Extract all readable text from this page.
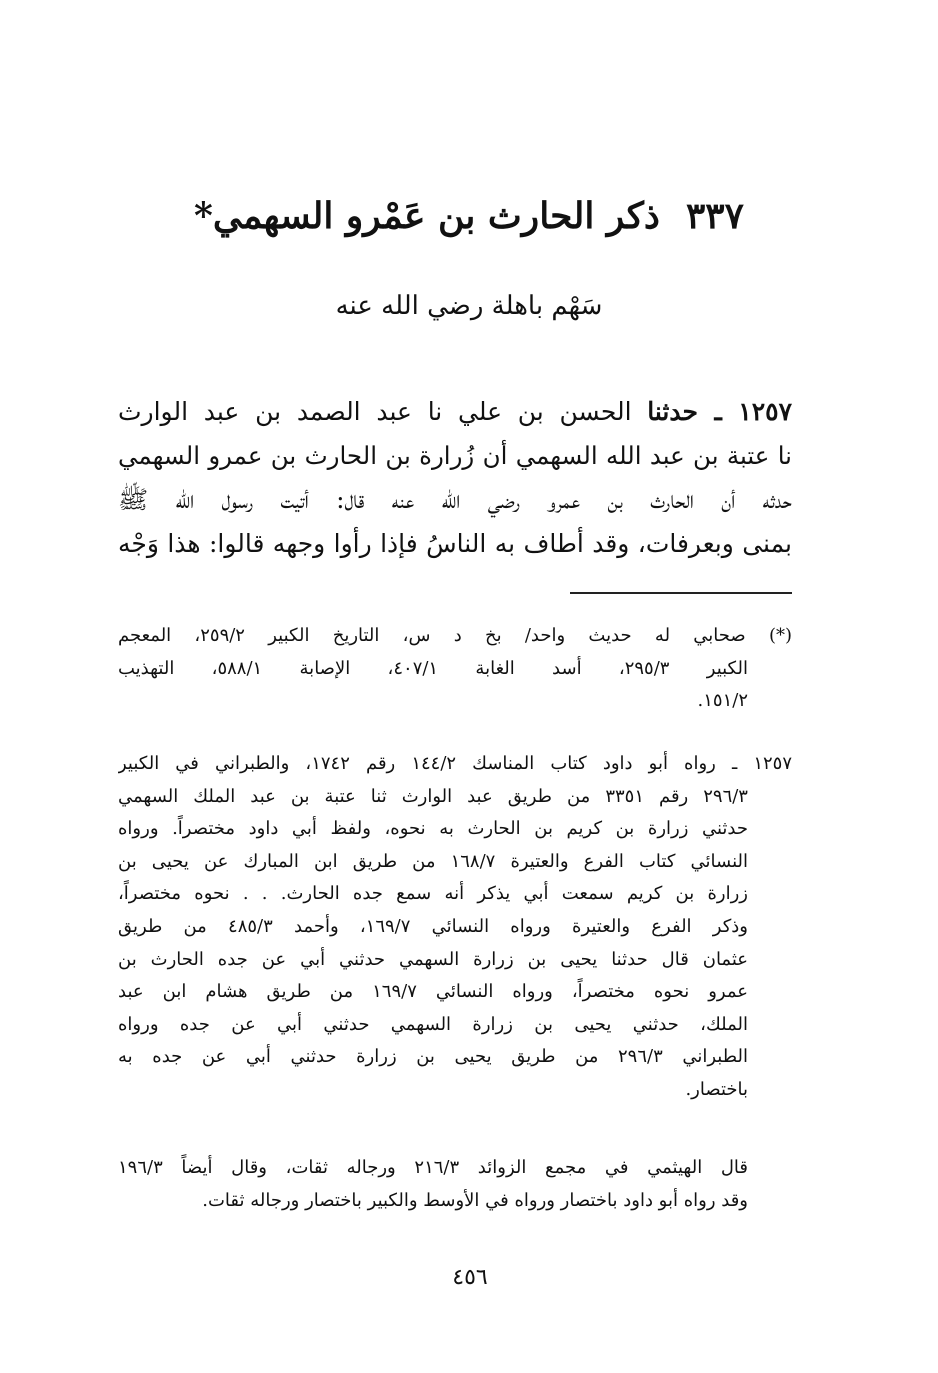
٣٣٧ذكر الحارث بن عَمْرو السهمي*
سَهْم باهلة رضي الله عنه
١٢٥٧ ـ حدثنا الحسن بن علي نا عبد الصمد بن عبد الوارث
نا عتبة بن عبد الله السهمي أن زُرارة بن الحارث بن عمرو السهمي
حدثه أن الحارث بن عمرو رضي الله عنه قال: أتيت رسول الله ﷺ
بمنى وبعرفات، وقد أطاف به الناسُ فإذا رأوا وجهه قالوا: هذا وَجْه
(*) صحابي له حديث واحد/ بخ د س، التاريخ الكبير ٢٥٩/٢، المعجم
الكبير ٢٩٥/٣، أسد الغابة ٤٠٧/١، الإصابة ٥٨٨/١، التهذيب
١٥١/٢.
١٢٥٧ ـ رواه أبو داود كتاب المناسك ١٤٤/٢ رقم ١٧٤٢، والطبراني في الكبير
٢٩٦/٣ رقم ٣٣٥١ من طريق عبد الوارث ثنا عتبة بن عبد الملك السهمي
حدثني زرارة بن كريم بن الحارث به نحوه، ولفظ أبي داود مختصراً. ورواه
النسائي كتاب الفرع والعتيرة ١٦٨/٧ من طريق ابن المبارك عن يحيى بن
زرارة بن كريم سمعت أبي يذكر أنه سمع جده الحارث. . . نحوه مختصراً،
وذكر الفرع والعتيرة ورواه النسائي ١٦٩/٧، وأحمد ٤٨٥/٣ من طريق
عثمان قال حدثنا يحيى بن زرارة السهمي حدثني أبي عن جده الحارث بن
عمرو نحوه مختصراً، ورواه النسائي ١٦٩/٧ من طريق هشام ابن عبد
الملك، حدثني يحيى بن زرارة السهمي حدثني أبي عن جده ورواه
الطبراني ٢٩٦/٣ من طريق يحيى بن زرارة حدثني أبي عن جده به
باختصار.
قال الهيثمي في مجمع الزوائد ٢١٦/٣ ورجاله ثقات، وقال أيضاً ١٩٦/٣
وقد رواه أبو داود باختصار ورواه في الأوسط والكبير باختصار ورجاله ثقات.
٤٥٦
